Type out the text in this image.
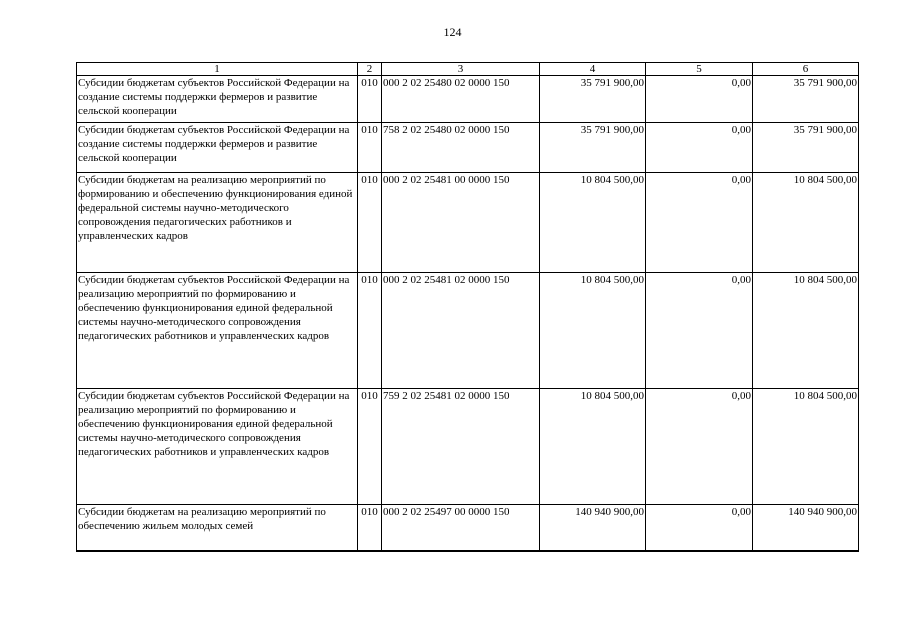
124
1	2	3	4	5	6
Субсидии бюджетам субъектов Российской Федерации на создание системы поддержки фермеров и развитие сельской кооперации	010	000 2 02 25480 02 0000 150	35 791 900,00	0,00	35 791 900,00
Субсидии бюджетам субъектов Российской Федерации на создание системы поддержки фермеров и развитие сельской кооперации	010	758 2 02 25480 02 0000 150	35 791 900,00	0,00	35 791 900,00
Субсидии бюджетам на реализацию мероприятий по формированию и обеспечению функционирования единой федеральной системы научно-методического сопровождения педагогических работников и управленческих кадров	010	000 2 02 25481 00 0000 150	10 804 500,00	0,00	10 804 500,00
Субсидии бюджетам субъектов Российской Федерации на реализацию мероприятий по формированию и обеспечению функционирования единой федеральной системы научно-методического сопровождения педагогических работников и управленческих кадров	010	000 2 02 25481 02 0000 150	10 804 500,00	0,00	10 804 500,00
Субсидии бюджетам субъектов Российской Федерации на реализацию мероприятий по формированию и обеспечению функционирования единой федеральной системы научно-методического сопровождения педагогических работников и управленческих кадров	010	759 2 02 25481 02 0000 150	10 804 500,00	0,00	10 804 500,00
Субсидии бюджетам на реализацию мероприятий по обеспечению жильем молодых семей	010	000 2 02 25497 00 0000 150	140 940 900,00	0,00	140 940 900,00
